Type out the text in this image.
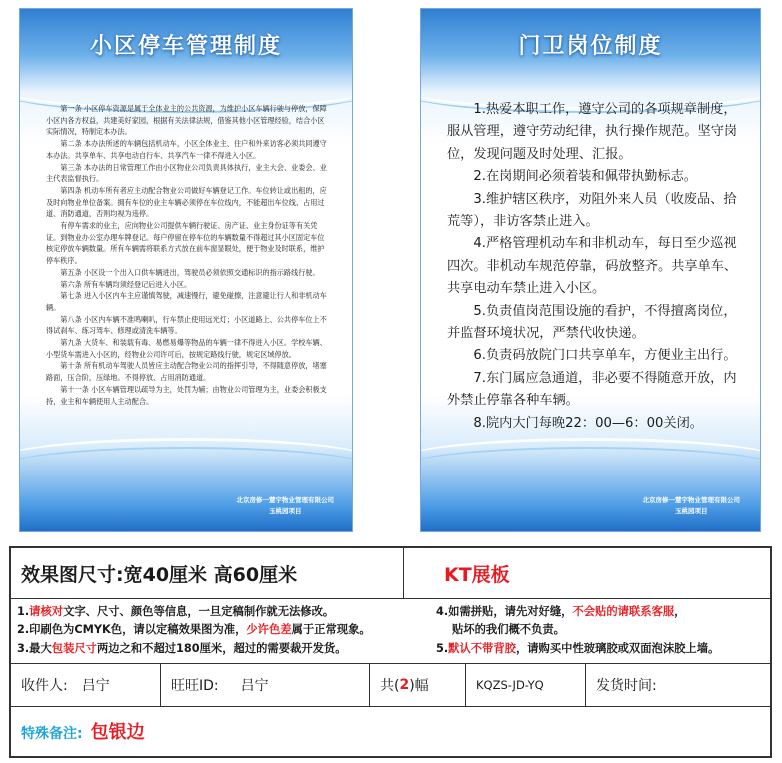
小区停车管理制度

第一条 小区停车资源是属于全体业主的公共资源，为维护小区车辆行驶与停放，保障小区内各方权益，共建美好家园，根据有关法律法规，借鉴其他小区管理经验，结合小区实际情况，特制定本办法。

第二条 本办法所述的车辆包括机动车，小区全体业主、住户和外来访客必须共同遵守本办法。共享单车、共享电动自行车、共享汽车一律不得进入小区。

第三条 本办法的日常管理工作由小区物业公司负责具体执行，业主大会、业委会、业主代表监督执行。

第四条 机动车所有者应主动配合物业公司做好车辆登记工作。车位转让或出租的，应及时向物业单位备案。拥有车位的业主车辆必须停在车位线内，不能超出车位线、占用过道、消防通道，否则均视为违停。

有停车需求的业主，应向物业公司提供车辆行驶证、房产证、业主身份证等有关凭证。到物业办公室办理车牌登记。每户停留在停车位的车辆数量不得超过其小区固定车位核定停放车辆数量。所有车辆需将联系方式放在前车窗显眼处，便于物业及时联系，维护停车秩序。

第五条 小区设一个出入口供车辆进出，驾驶员必须依照交通标识的指示路线行驶。

第六条 所有车辆均须经登记后进入小区。

第七条 进入小区内车主应谨慎驾驶，减速慢行，避免碰擦，注意避让行人和非机动车辆。

第八条 小区内车辆不准鸣喇叭，行车禁止使用远光灯；小区道路上、公共停车位上不得试刹车、练习驾车、修理或清洗车辆等。

第九条 大货车、和装载有毒、易燃易爆等物品的车辆一律不得进入小区。学校车辆、小型货车需进入小区的，经物业公司许可后，按规定路线行驶，规定区域停放。

第十条 所有机动车驾驶人员皆应主动配合物业公司的指挥引导，不得随意停放，堵塞路面，压合阶，压绿地。不得停放、占用消防通道。

第十一条 小区车辆管理以疏导为主，处罚为辅；由物业公司管理为主，业委会积极支持，业主和车辆使用人主动配合。

北京房修一慧宇物业管理有限公司
玉桃园项目
门卫岗位制度

1.热爱本职工作，遵守公司的各项规章制度，服从管理，遵守劳动纪律，执行操作规范。坚守岗位，发现问题及时处理、汇报。

2.在岗期间必须着装和佩带执勤标志。

3.维护辖区秩序，劝阻外来人员（收废品、拾荒等），非访客禁止进入。

4.严格管理机动车和非机动车，每日至少巡视四次。非机动车规范停靠，码放整齐。共享单车、共享电动车禁止进入小区。

5.负责值岗范围设施的看护，不得擅离岗位，并监督环境状况，严禁代收快递。

6.负责码放院门口共享单车，方便业主出行。

7.东门属应急通道，非必要不得随意开放，内外禁止停靠各种车辆。

8.院内大门每晚22：00—6：00关闭。

北京房修一慧宇物业管理有限公司
玉桃园项目
效果图尺寸:宽40厘米 高60厘米	KT展板
1.请核对文字、尺寸、颜色等信息，一旦定稿制作就无法修改。
2.印刷色为CMYK色，请以定稿效果图为准，少许色差属于正常现象。
3.最大包装尺寸两边之和不超过180厘米，超过的需要裁开发货。
4.如需拼贴，请先对好缝，不会贴的请联系客服，
贴坏的我们概不负责。
5.默认不带背胶，请购买中性玻璃胶或双面泡沫胶上墙。
收件人: 吕宁	旺旺ID: 吕宁	共( 2 )幅	KQZS-JD-YQ	发货时间:
特殊备注: 包银边
